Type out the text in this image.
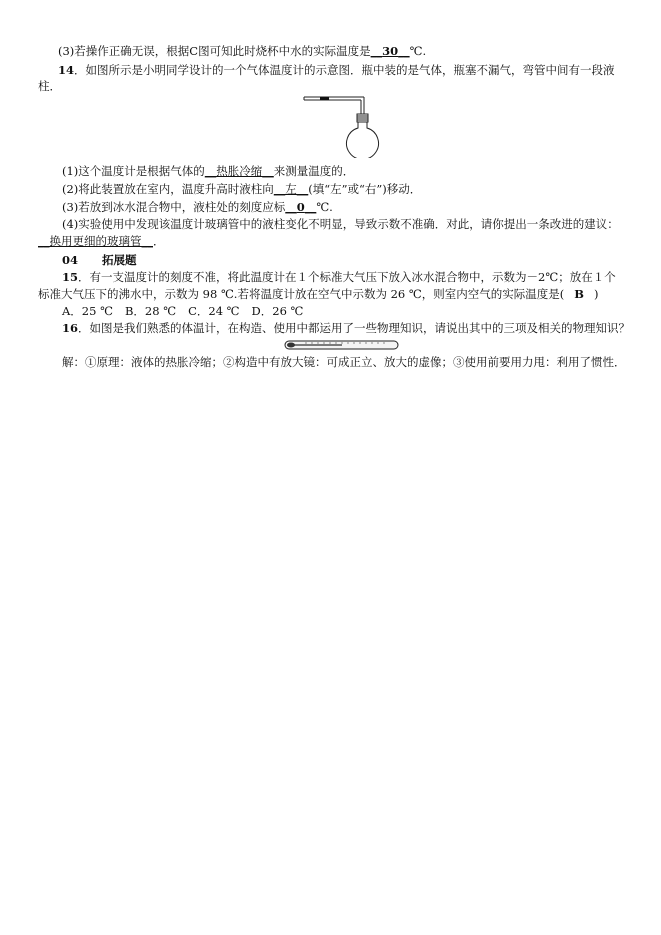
(3)若操作正确无误，根据C图可知此时烧杯中水的实际温度是__30__℃.
14．如图所示是小明同学设计的一个气体温度计的示意图．瓶中装的是气体，瓶塞不漏气，弯管中间有一段液
柱．
(1)这个温度计是根据气体的__热胀冷缩__来测量温度的．
(2)将此装置放在室内，温度升高时液柱向__左__(填“左”或“右”)移动．
(3)若放到冰水混合物中，液柱处的刻度应标__0__℃.
(4)实验使用中发现该温度计玻璃管中的液柱变化不明显，导致示数不准确．对此，请你提出一条改进的建议：
__换用更细的玻璃管__．
04 拓展题
15．有一支温度计的刻度不准，将此温度计在１个标准大气压下放入冰水混合物中，示数为－2℃；放在１个
标准大气压下的沸水中，示数为 98 ℃.若将温度计放在空气中示数为 26 ℃，则室内空气的实际温度是( B )
A．25 ℃ B．28 ℃ C．24 ℃ D．26 ℃
16．如图是我们熟悉的体温计，在构造、使用中都运用了一些物理知识，请说出其中的三项及相关的物理知识？
解：①原理：液体的热胀冷缩；②构造中有放大镜：可成正立、放大的虚像；③使用前要用力甩：利用了惯性．
